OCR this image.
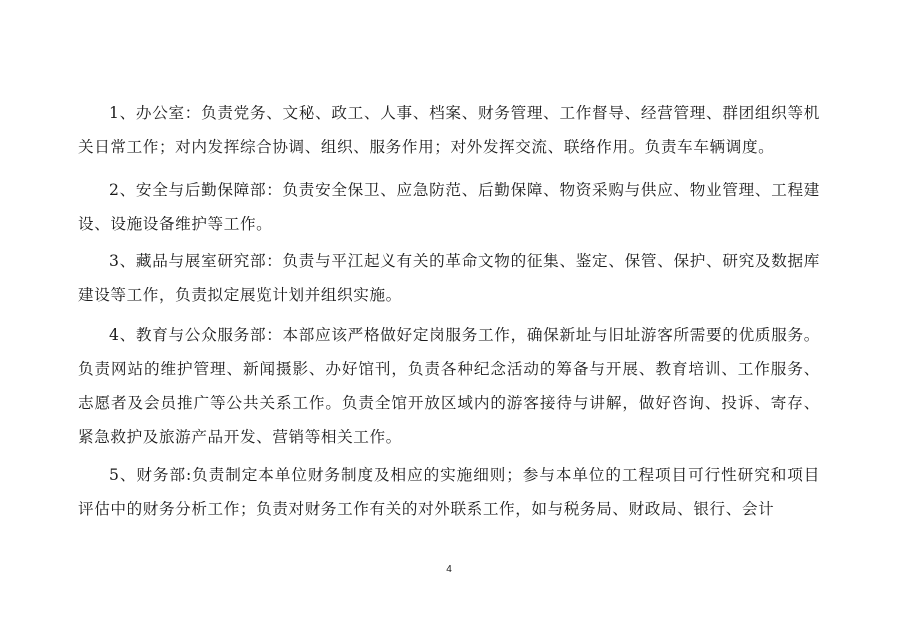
1、办公室：负责党务、文秘、政工、人事、档案、财务管理、工作督导、经营管理、群团组织等机关日常工作；对内发挥综合协调、组织、服务作用；对外发挥交流、联络作用。负责车车辆调度。

2、安全与后勤保障部：负责安全保卫、应急防范、后勤保障、物资采购与供应、物业管理、工程建设、设施设备维护等工作。

3、藏品与展室研究部：负责与平江起义有关的革命文物的征集、鉴定、保管、保护、研究及数据库建设等工作，负责拟定展览计划并组织实施。

4、教育与公众服务部：本部应该严格做好定岗服务工作，确保新址与旧址游客所需要的优质服务。负责网站的维护管理、新闻摄影、办好馆刊，负责各种纪念活动的筹备与开展、教育培训、工作服务、志愿者及会员推广等公共关系工作。负责全馆开放区域内的游客接待与讲解，做好咨询、投诉、寄存、紧急救护及旅游产品开发、营销等相关工作。

5、财务部:负责制定本单位财务制度及相应的实施细则；参与本单位的工程项目可行性研究和项目评估中的财务分析工作；负责对财务工作有关的对外联系工作，如与税务局、财政局、银行、会计

4
